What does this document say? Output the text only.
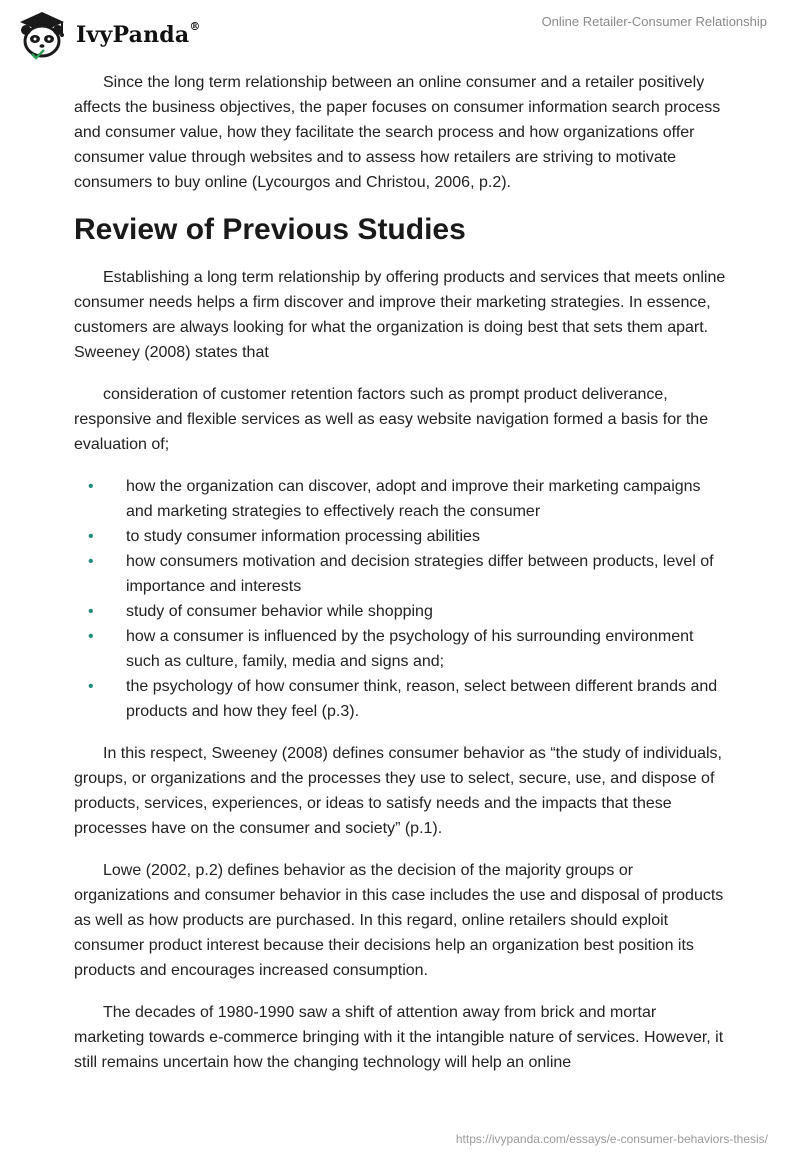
IvyPanda®	Online Retailer-Consumer Relationship

Since the long term relationship between an online consumer and a retailer positively affects the business objectives, the paper focuses on consumer information search process and consumer value, how they facilitate the search process and how organizations offer consumer value through websites and to assess how retailers are striving to motivate consumers to buy online (Lycourgos and Christou, 2006, p.2).

Review of Previous Studies

Establishing a long term relationship by offering products and services that meets online consumer needs helps a firm discover and improve their marketing strategies. In essence, customers are always looking for what the organization is doing best that sets them apart. Sweeney (2008) states that

consideration of customer retention factors such as prompt product deliverance, responsive and flexible services as well as easy website navigation formed a basis for the evaluation of;

• how the organization can discover, adopt and improve their marketing campaigns and marketing strategies to effectively reach the consumer
• to study consumer information processing abilities
• how consumers motivation and decision strategies differ between products, level of importance and interests
• study of consumer behavior while shopping
• how a consumer is influenced by the psychology of his surrounding environment such as culture, family, media and signs and;
• the psychology of how consumer think, reason, select between different brands and products and how they feel (p.3).

In this respect, Sweeney (2008) defines consumer behavior as “the study of individuals, groups, or organizations and the processes they use to select, secure, use, and dispose of products, services, experiences, or ideas to satisfy needs and the impacts that these processes have on the consumer and society” (p.1).

Lowe (2002, p.2) defines behavior as the decision of the majority groups or organizations and consumer behavior in this case includes the use and disposal of products as well as how products are purchased. In this regard, online retailers should exploit consumer product interest because their decisions help an organization best position its products and encourages increased consumption.

The decades of 1980-1990 saw a shift of attention away from brick and mortar marketing towards e-commerce bringing with it the intangible nature of services. However, it still remains uncertain how the changing technology will help an online

https://ivypanda.com/essays/e-consumer-behaviors-thesis/
